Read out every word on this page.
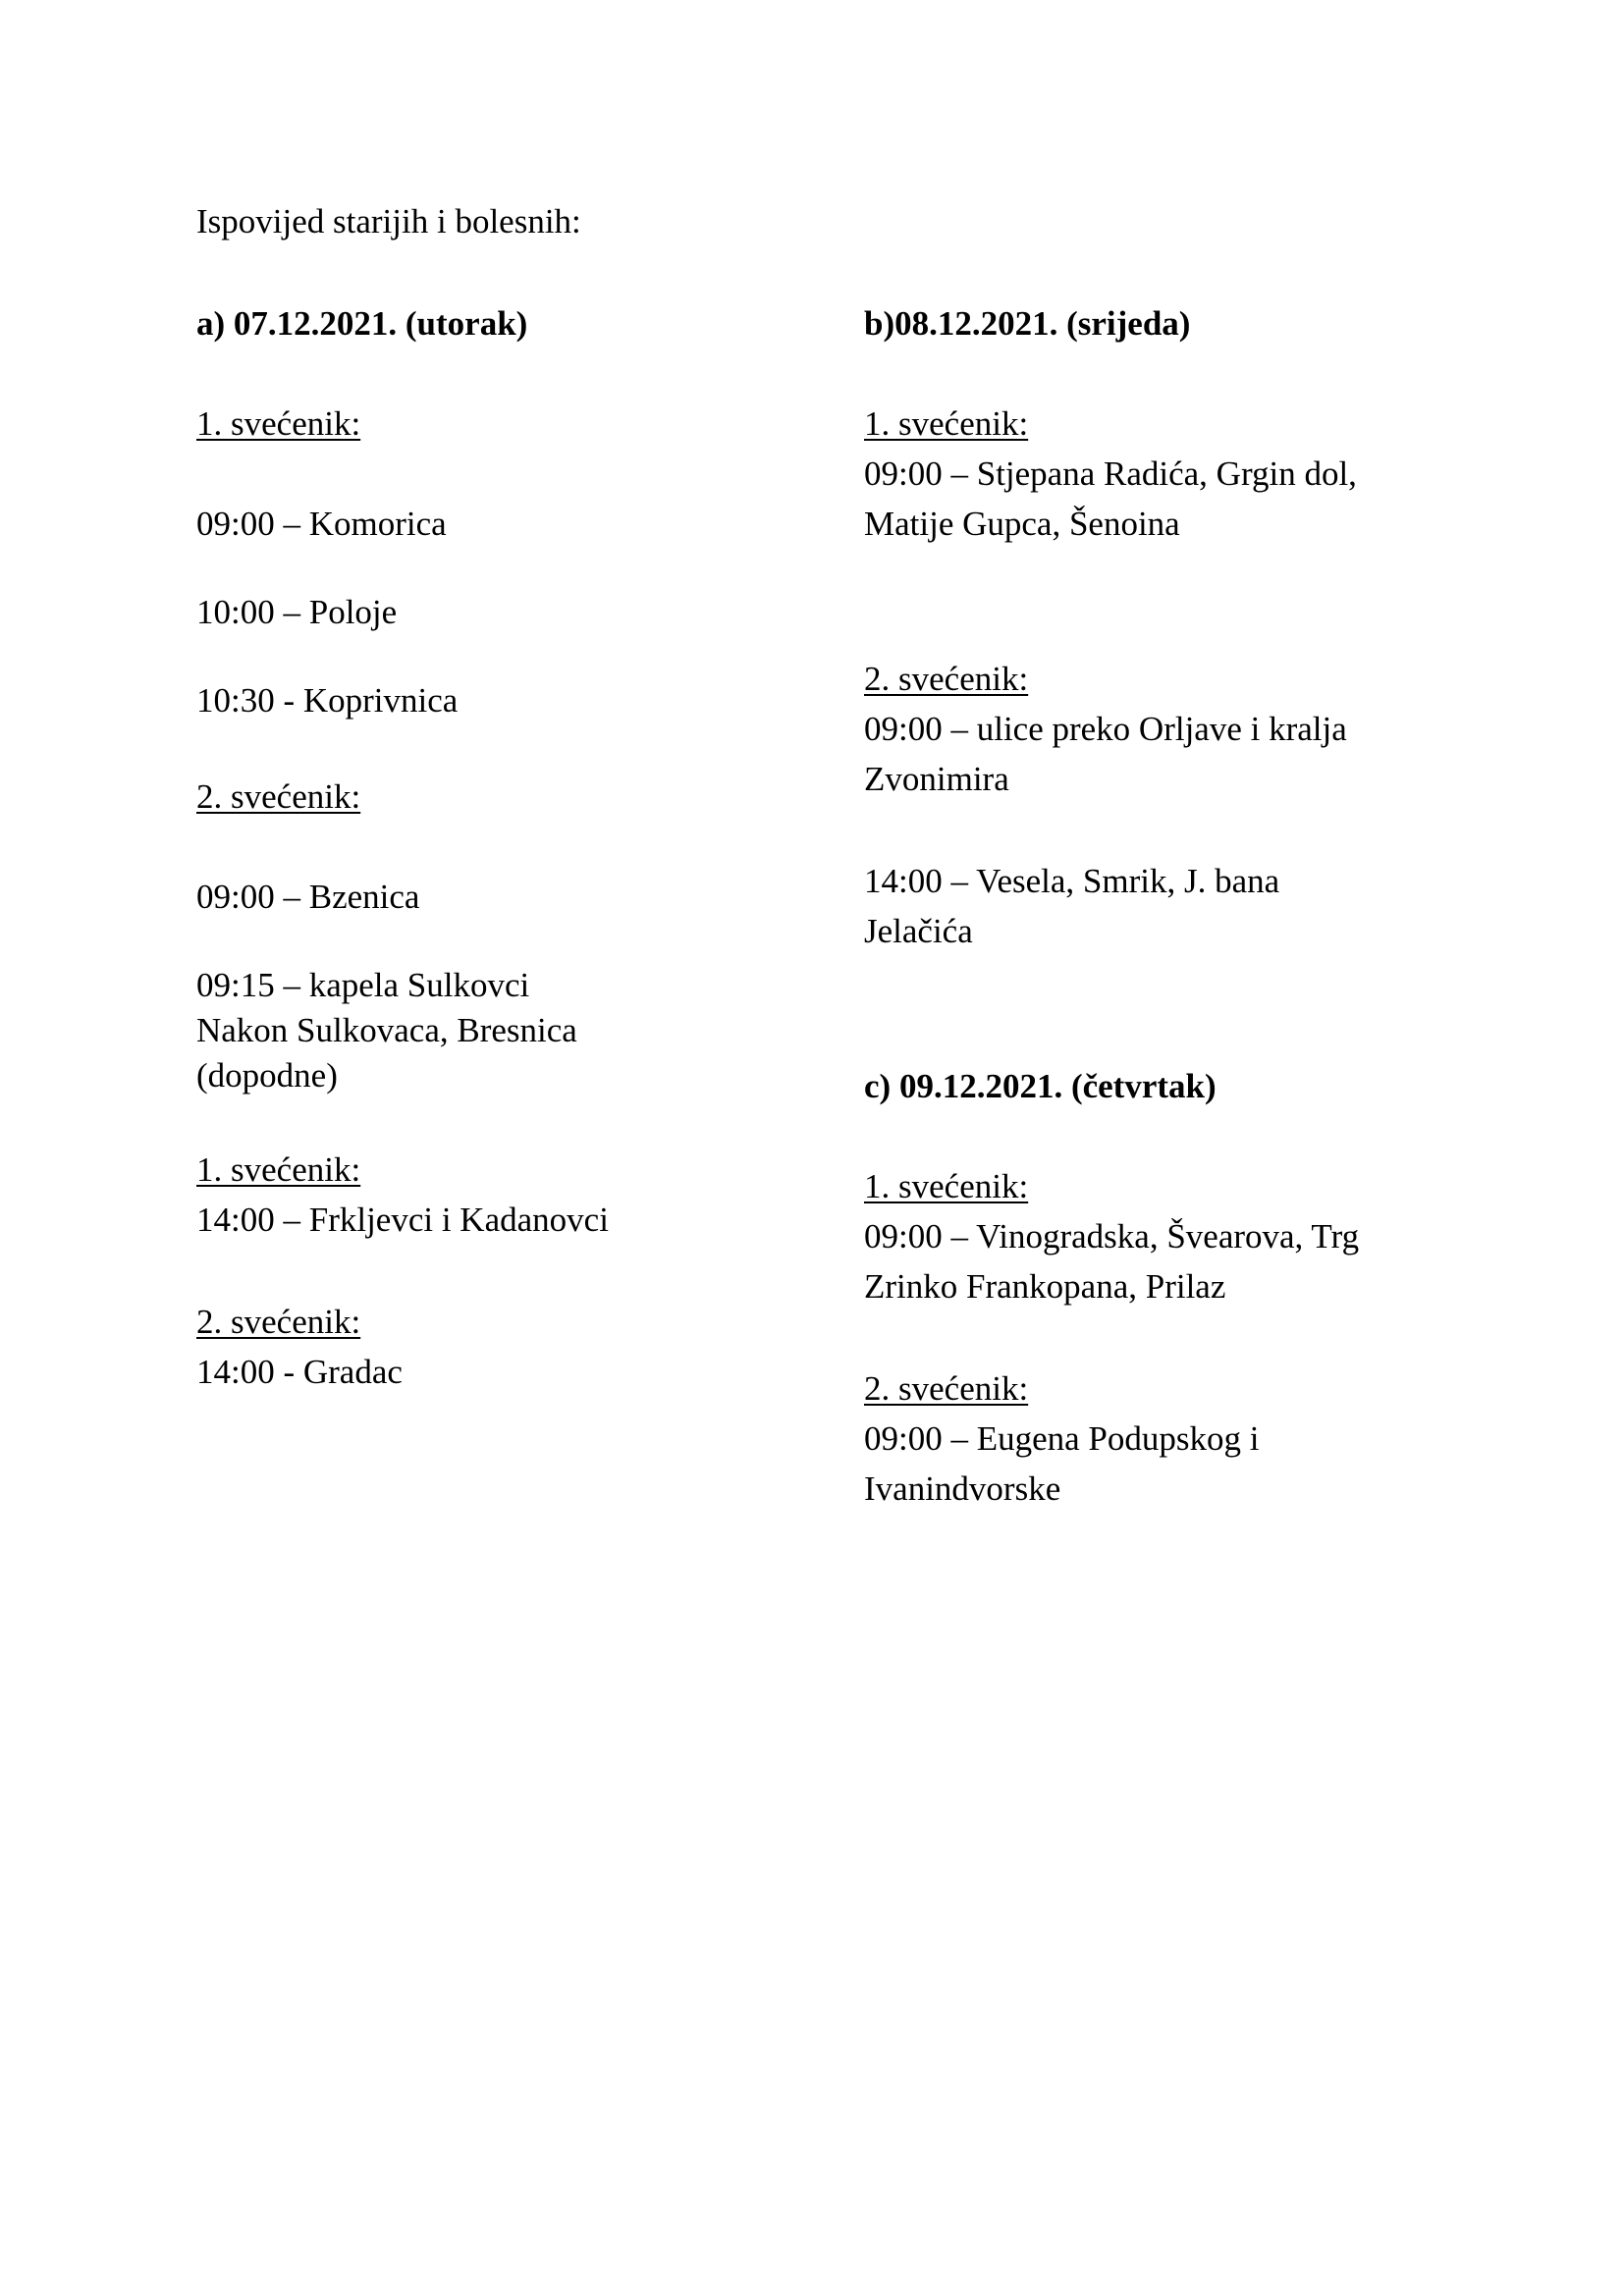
Ispovijed starijih i bolesnih:
a) 07.12.2021. (utorak)
1. svećenik:
09:00 – Komorica
10:00 – Poloje
10:30 - Koprivnica
2. svećenik:
09:00 – Bzenica
09:15 – kapela Sulkovci
Nakon Sulkovaca, Bresnica
(dopodne)
1. svećenik:
14:00 – Frkljevci i Kadanovci
2. svećenik:
14:00 - Gradac
b)08.12.2021. (srijeda)
1. svećenik:
09:00 – Stjepana Radića, Grgin dol,
Matije Gupca, Šenoina
2. svećenik:
09:00 – ulice preko Orljave i kralja
Zvonimira
14:00 – Vesela, Smrik, J. bana
Jelačića
c) 09.12.2021. (četvrtak)
1. svećenik:
09:00 – Vinogradska, Švearova, Trg
Zrinko Frankopana, Prilaz
2. svećenik:
09:00 – Eugena Podupskog i
Ivanindvorske
